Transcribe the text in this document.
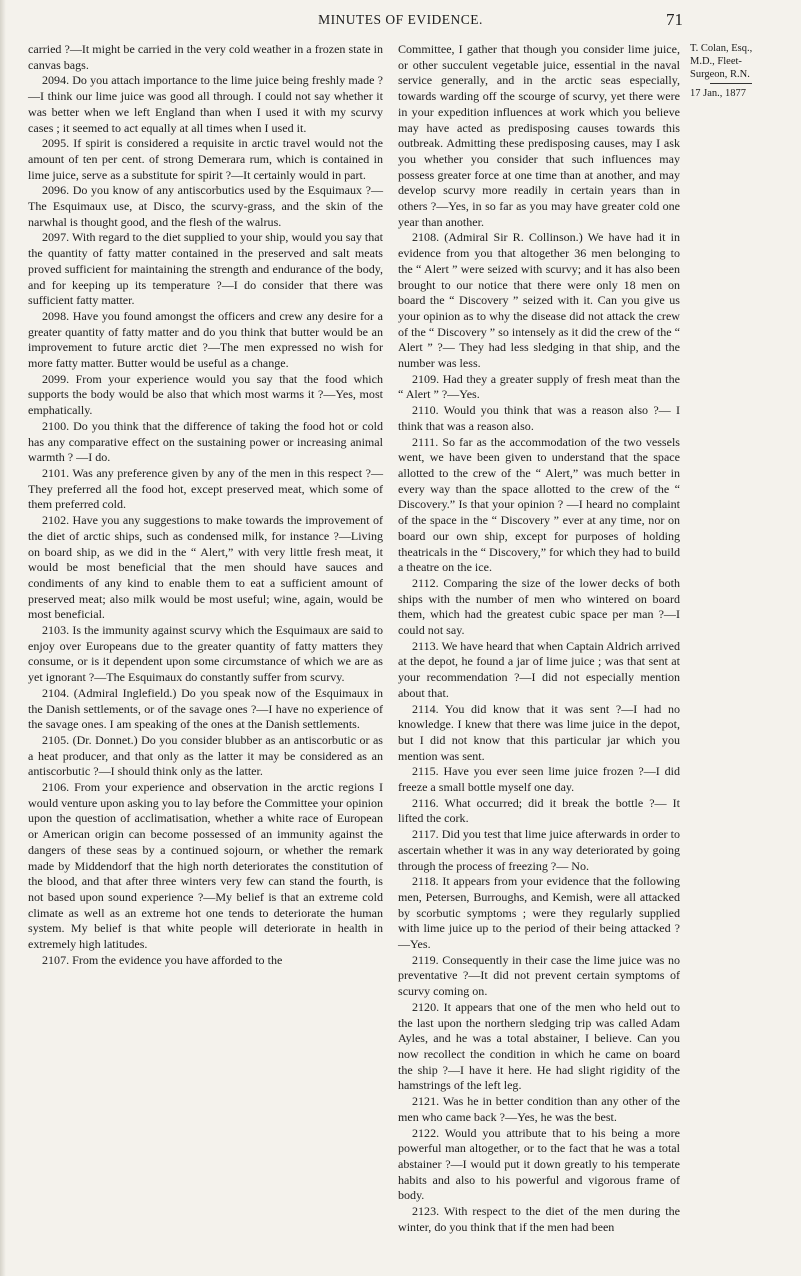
MINUTES OF EVIDENCE.	71

carried ?—It might be carried in the very cold weather in a frozen state in canvas bags.

2094. Do you attach importance to the lime juice being freshly made ?—I think our lime juice was good all through. I could not say whether it was better when we left England than when I used it with my scurvy cases ; it seemed to act equally at all times when I used it.

2095. If spirit is considered a requisite in arctic travel would not the amount of ten per cent. of strong Demerara rum, which is contained in lime juice, serve as a substitute for spirit ?—It certainly would in part.

2096. Do you know of any antiscorbutics used by the Esquimaux ?—The Esquimaux use, at Disco, the scurvy-grass, and the skin of the narwhal is thought good, and the flesh of the walrus.

2097. With regard to the diet supplied to your ship, would you say that the quantity of fatty matter contained in the preserved and salt meats proved sufficient for maintaining the strength and endurance of the body, and for keeping up its temperature ?—I do consider that there was sufficient fatty matter.

2098. Have you found amongst the officers and crew any desire for a greater quantity of fatty matter and do you think that butter would be an improvement to future arctic diet ?—The men expressed no wish for more fatty matter. Butter would be useful as a change.

2099. From your experience would you say that the food which supports the body would be also that which most warms it ?—Yes, most emphatically.

2100. Do you think that the difference of taking the food hot or cold has any comparative effect on the sustaining power or increasing animal warmth ? —I do.

2101. Was any preference given by any of the men in this respect ?—They preferred all the food hot, except preserved meat, which some of them preferred cold.

2102. Have you any suggestions to make towards the improvement of the diet of arctic ships, such as condensed milk, for instance ?—Living on board ship, as we did in the “ Alert,” with very little fresh meat, it would be most beneficial that the men should have sauces and condiments of any kind to enable them to eat a sufficient amount of preserved meat; also milk would be most useful; wine, again, would be most beneficial.

2103. Is the immunity against scurvy which the Esquimaux are said to enjoy over Europeans due to the greater quantity of fatty matters they consume, or is it dependent upon some circumstance of which we are as yet ignorant ?—The Esquimaux do constantly suffer from scurvy.

2104. (Admiral Inglefield.) Do you speak now of the Esquimaux in the Danish settlements, or of the savage ones ?—I have no experience of the savage ones. I am speaking of the ones at the Danish settlements.

2105. (Dr. Donnet.) Do you consider blubber as an antiscorbutic or as a heat producer, and that only as the latter it may be considered as an antiscorbutic ?—I should think only as the latter.

2106. From your experience and observation in the arctic regions I would venture upon asking you to lay before the Committee your opinion upon the question of acclimatisation, whether a white race of European or American origin can become possessed of an immunity against the dangers of these seas by a continued sojourn, or whether the remark made by Middendorf that the high north deteriorates the constitution of the blood, and that after three winters very few can stand the fourth, is not based upon sound experience ?—My belief is that an extreme cold climate as well as an extreme hot one tends to deteriorate the human system. My belief is that white people will deteriorate in health in extremely high latitudes.

2107. From the evidence you have afforded to the

Committee, I gather that though you consider lime juice, or other succulent vegetable juice, essential in the naval service generally, and in the arctic seas especially, towards warding off the scourge of scurvy, yet there were in your expedition influences at work which you believe may have acted as predisposing causes towards this outbreak. Admitting these predisposing causes, may I ask you whether you consider that such influences may possess greater force at one time than at another, and may develop scurvy more readily in certain years than in others ?—Yes, in so far as you may have greater cold one year than another.

2108. (Admiral Sir R. Collinson.) We have had it in evidence from you that altogether 36 men belonging to the “ Alert ” were seized with scurvy; and it has also been brought to our notice that there were only 18 men on board the “ Discovery ” seized with it. Can you give us your opinion as to why the disease did not attack the crew of the “ Discovery ” so intensely as it did the crew of the “ Alert ” ?— They had less sledging in that ship, and the number was less.

2109. Had they a greater supply of fresh meat than the “ Alert ” ?—Yes.

2110. Would you think that was a reason also ?— I think that was a reason also.

2111. So far as the accommodation of the two vessels went, we have been given to understand that the space allotted to the crew of the “ Alert,” was much better in every way than the space allotted to the crew of the “ Discovery.” Is that your opinion ? —I heard no complaint of the space in the “ Discovery ” ever at any time, nor on board our own ship, except for purposes of holding theatricals in the “ Discovery,” for which they had to build a theatre on the ice.

2112. Comparing the size of the lower decks of both ships with the number of men who wintered on board them, which had the greatest cubic space per man ?—I could not say.

2113. We have heard that when Captain Aldrich arrived at the depot, he found a jar of lime juice ; was that sent at your recommendation ?—I did not especially mention about that.

2114. You did know that it was sent ?—I had no knowledge. I knew that there was lime juice in the depot, but I did not know that this particular jar which you mention was sent.

2115. Have you ever seen lime juice frozen ?—I did freeze a small bottle myself one day.

2116. What occurred; did it break the bottle ?— It lifted the cork.

2117. Did you test that lime juice afterwards in order to ascertain whether it was in any way deteriorated by going through the process of freezing ?— No.

2118. It appears from your evidence that the following men, Petersen, Burroughs, and Kemish, were all attacked by scorbutic symptoms ; were they regularly supplied with lime juice up to the period of their being attacked ?—Yes.

2119. Consequently in their case the lime juice was no preventative ?—It did not prevent certain symptoms of scurvy coming on.

2120. It appears that one of the men who held out to the last upon the northern sledging trip was called Adam Ayles, and he was a total abstainer, I believe. Can you now recollect the condition in which he came on board the ship ?—I have it here. He had slight rigidity of the hamstrings of the left leg.

2121. Was he in better condition than any other of the men who came back ?—Yes, he was the best.

2122. Would you attribute that to his being a more powerful man altogether, or to the fact that he was a total abstainer ?—I would put it down greatly to his temperate habits and also to his powerful and vigorous frame of body.

2123. With respect to the diet of the men during the winter, do you think that if the men had been

T. Colan, Esq.,
M.D., Fleet-
Surgeon, R.N.
17 Jan., 1877
